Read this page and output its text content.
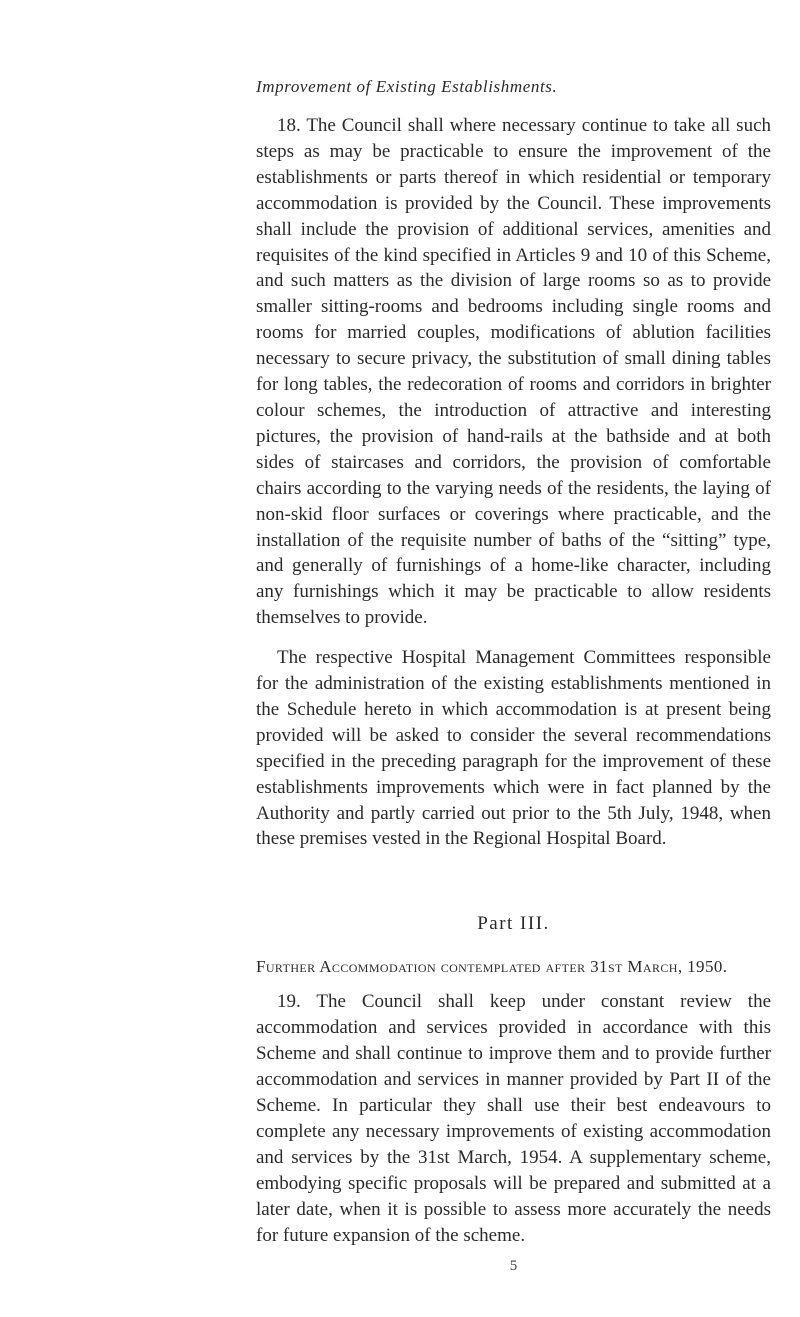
Improvement of Existing Establishments.

18. The Council shall where necessary continue to take all such steps as may be practicable to ensure the improvement of the establishments or parts thereof in which residential or temporary accommodation is provided by the Council. These improvements shall include the provision of additional services, amenities and requisites of the kind specified in Articles 9 and 10 of this Scheme, and such matters as the division of large rooms so as to provide smaller sitting-rooms and bedrooms including single rooms and rooms for married couples, modifications of ablution facilities necessary to secure privacy, the substitution of small dining tables for long tables, the redecoration of rooms and corridors in brighter colour schemes, the introduction of attractive and interesting pictures, the provision of hand-rails at the bathside and at both sides of staircases and corridors, the provision of comfortable chairs according to the varying needs of the residents, the laying of non-skid floor surfaces or coverings where practicable, and the installation of the requisite number of baths of the “sitting” type, and generally of furnishings of a home-like character, including any furnishings which it may be practicable to allow residents themselves to provide.

The respective Hospital Management Committees responsible for the administration of the existing establishments mentioned in the Schedule hereto in which accommodation is at present being provided will be asked to consider the several recommendations specified in the preceding paragraph for the improvement of these establishments improvements which were in fact planned by the Authority and partly carried out prior to the 5th July, 1948, when these premises vested in the Regional Hospital Board.

Part III.
Further Accommodation contemplated after 31st March, 1950.

19. The Council shall keep under constant review the accommodation and services provided in accordance with this Scheme and shall continue to improve them and to provide further accommodation and services in manner provided by Part II of the Scheme. In particular they shall use their best endeavours to complete any necessary improvements of existing accommodation and services by the 31st March, 1954. A supplementary scheme, embodying specific proposals will be prepared and submitted at a later date, when it is possible to assess more accurately the needs for future expansion of the scheme.

5
